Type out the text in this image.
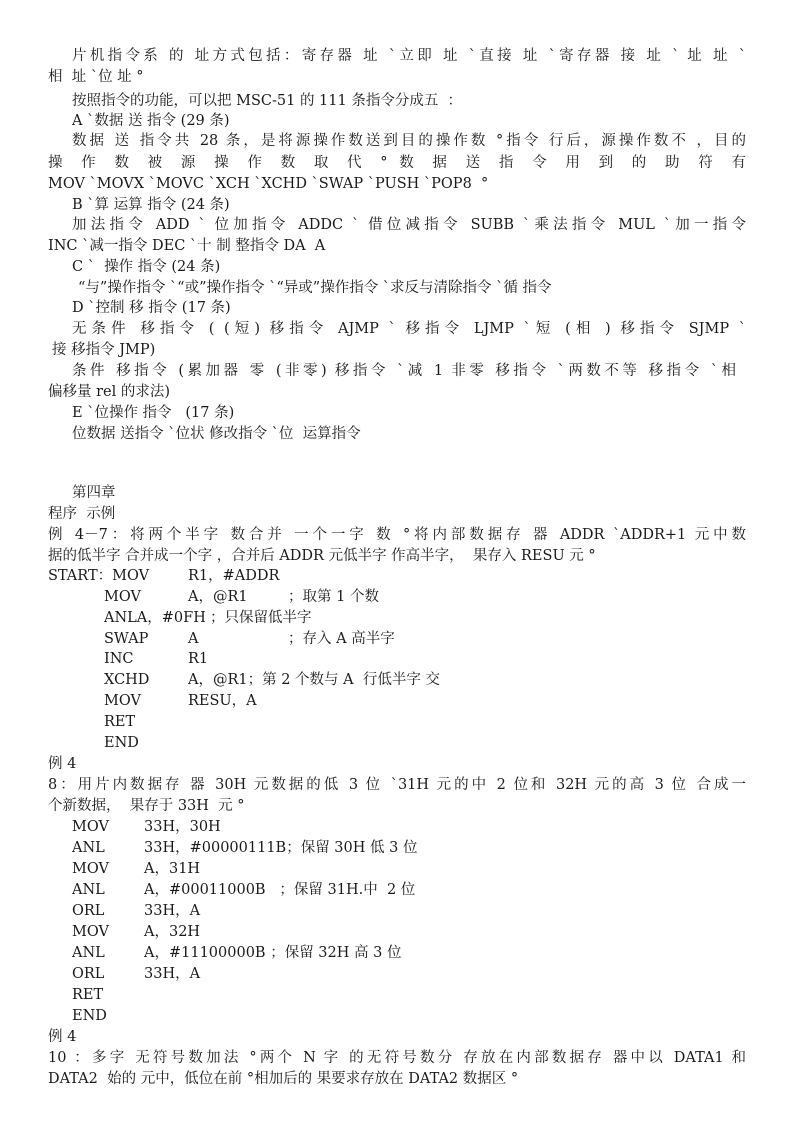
片机指令系 的 址方式包括：寄存器 址 `立即 址 `直接 址 `寄存器 接 址 ` 址 址 `
相  址 `位 址 °
按照指令的功能，可以把 MSC-51 的 111 条指令分成五  ：
A `数据 送 指令 (29 条)
数据 送 指令共 28 条，是将源操作数送到目的操作数 °指令 行后，源操作数不 ，目的
操 作 数 被 源 操 作 数 取 代 ° 数 据 送 指 令 用 到 的 助 符 有
MOV `MOVX `MOVC `XCH `XCHD `SWAP `PUSH `POP8  °
B `算 运算 指令 (24 条)
加法指令 ADD ` 位加指令 ADDC ` 借位减指令 SUBB `乘法指令 MUL `加一指令
INC `减一指令 DEC `十 制 整指令 DA  A
C `  操作 指令 (24 条)
“与”操作指令 `“或”操作指令 `“异或”操作指令 `求反与清除指令 `循 指令
D `控制 移 指令 (17 条)
无条件 移指令 ( (短) 移指令 AJMP ` 移指令 LJMP `短 (相 ) 移指令 SJMP `
接 移指令 JMP)
条件 移指令 (累加器 零 (非零) 移指令 `减 1 非零 移指令 `两数不等 移指令 `相
偏移量 rel 的求法)
E `位操作 指令   (17 条)
位数据 送指令 `位状 修改指令 `位  运算指令
第四章
程序  示例
例 4－7：将两个半字 数合并 一个一字 数 °将内部数据存 器 ADDR `ADDR+1 元中数
据的低半字 合并成一个字 ，合并后 ADDR 元低半字 作高半字，  果存入 RESU 元 °
START：MOV	R1，#ADDR
MOV	A，@R1	；取第 1 个数
ANLA，#0FH ；只保留低半字
SWAP	A	；存入 A 高半字
INC	R1
XCHD	A，@R1；第 2 个数与 A  行低半字 交
MOV	RESU，A
RET
END
例 4
8：用片内数据存 器 30H 元数据的低 3 位 `31H 元的中 2 位和 32H 元的高 3 位 合成一
个新数据，  果存于 33H  元 °
MOV 33H，30H
ANL	33H，#00000111B；保留 30H 低 3 位
MOV A，31H
ANL	A，#00011000B   ；保留 31H.中  2 位
ORL	33H，A
MOV A，32H
ANL	A，#11100000B ；保留 32H 高 3 位
ORL	33H，A
RET
END
例 4
10 ：多字 无符号数加法 °两个 N 字 的无符号数分 存放在内部数据存 器中以 DATA1 和
DATA2  始的 元中，低位在前 °相加后的 果要求存放在 DATA2 数据区 °
